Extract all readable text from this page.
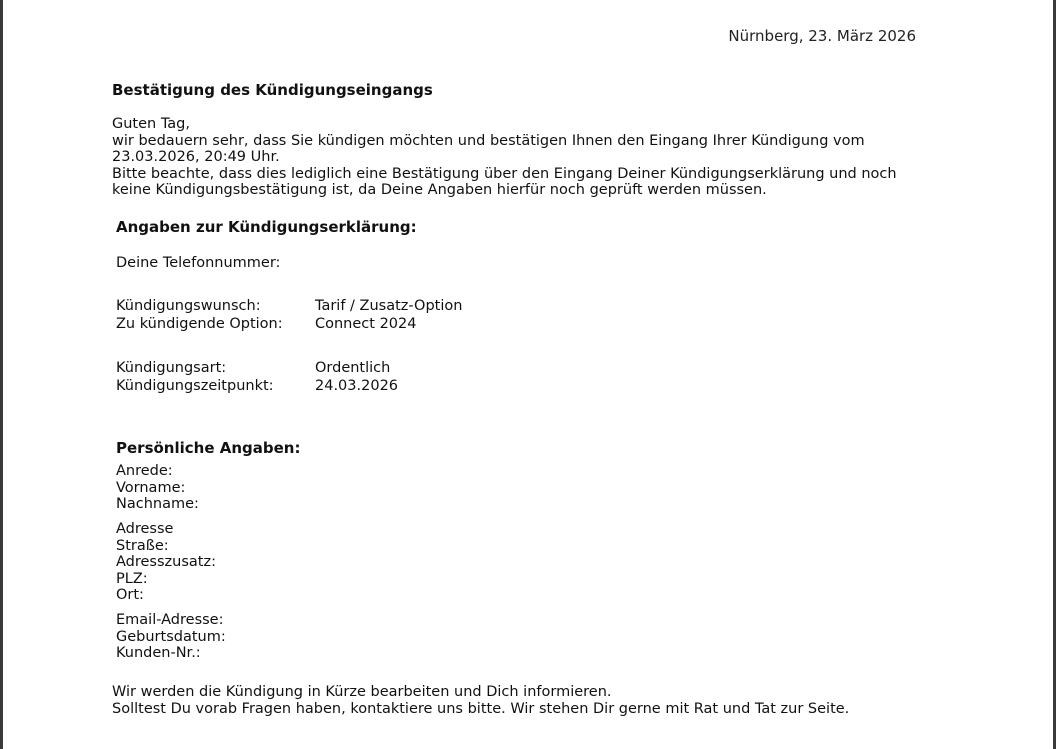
Nürnberg, 23. März 2026
Bestätigung des Kündigungseingangs
Guten Tag,
wir bedauern sehr, dass Sie kündigen möchten und bestätigen Ihnen den Eingang Ihrer Kündigung vom
23.03.2026, 20:49 Uhr.
Bitte beachte, dass dies lediglich eine Bestätigung über den Eingang Deiner Kündigungserklärung und noch
keine Kündigungsbestätigung ist, da Deine Angaben hierfür noch geprüft werden müssen.
Angaben zur Kündigungserklärung:
Deine Telefonnummer:
Kündigungswunsch:	Tarif / Zusatz-Option
Zu kündigende Option: Connect 2024
Kündigungsart:	Ordentlich
Kündigungszeitpunkt:	24.03.2026
Persönliche Angaben:
Anrede:
Vorname:
Nachname:
Adresse
Straße:
Adresszusatz:
PLZ:
Ort:
Email-Adresse:
Geburtsdatum:
Kunden-Nr.:
Wir werden die Kündigung in Kürze bearbeiten und Dich informieren.
Solltest Du vorab Fragen haben, kontaktiere uns bitte. Wir stehen Dir gerne mit Rat und Tat zur Seite.
